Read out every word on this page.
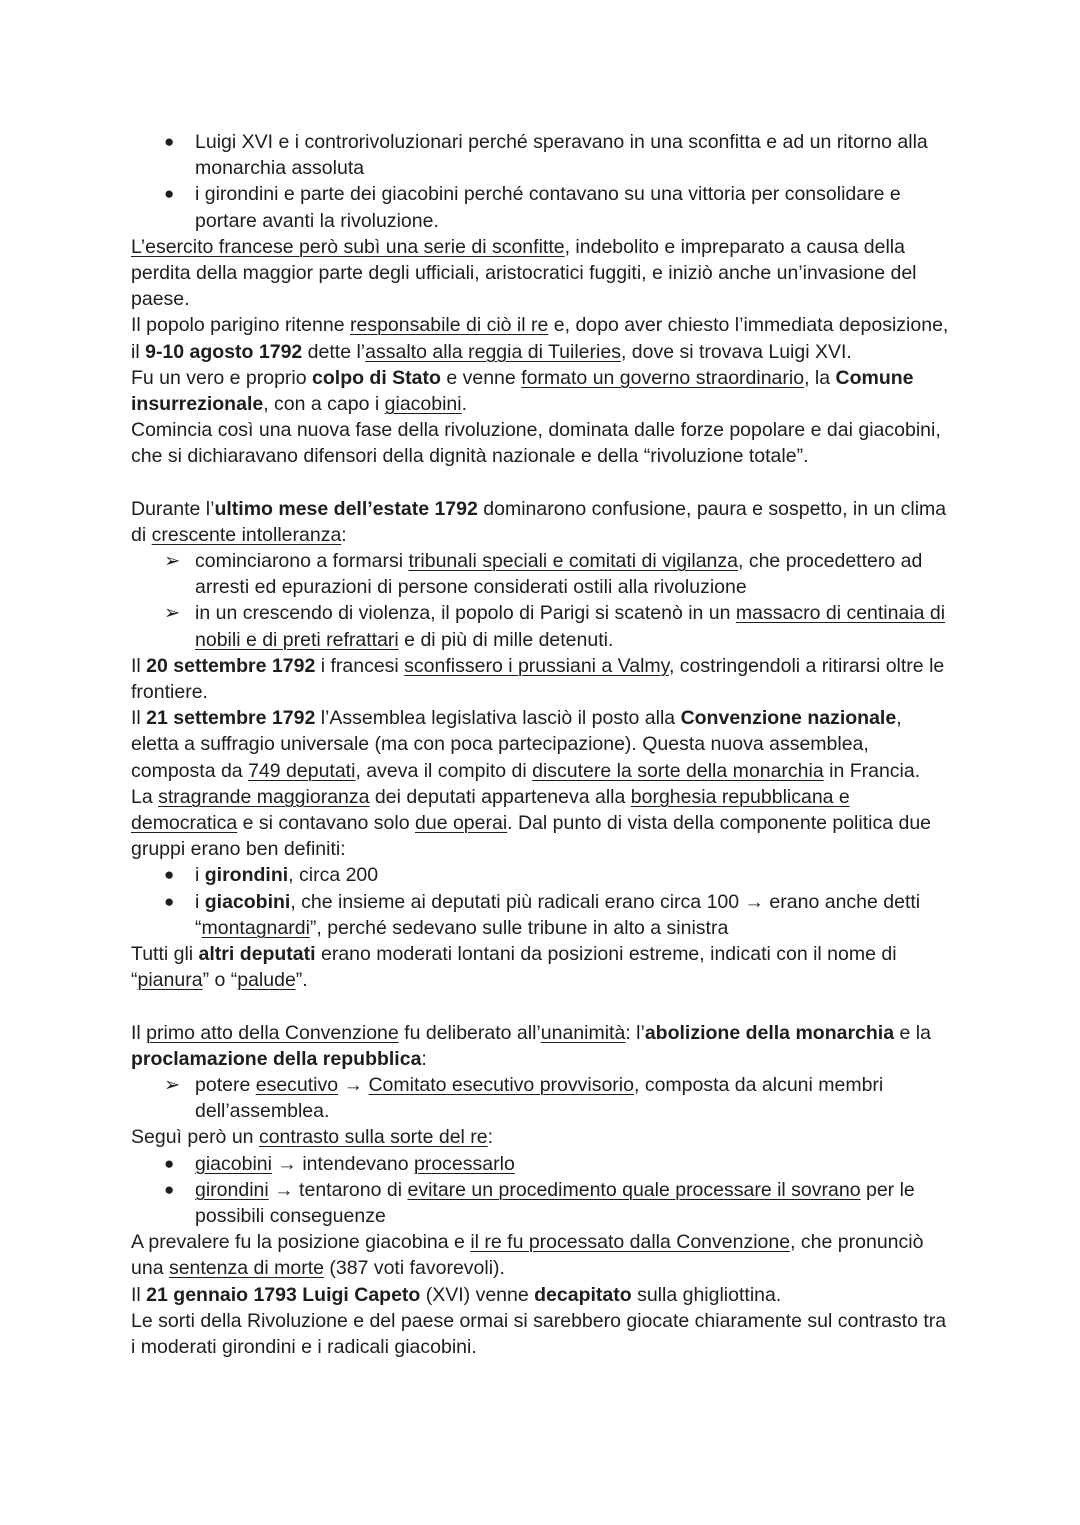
●	Luigi XVI e i controrivoluzionari perché speravano in una sconfitta e ad un ritorno alla monarchia assoluta
●	i girondini e parte dei giacobini perché contavano su una vittoria per consolidare e portare avanti la rivoluzione.

L’esercito francese però subì una serie di sconfitte, indebolito e impreparato a causa della perdita della maggior parte degli ufficiali, aristocratici fuggiti, e iniziò anche un’invasione del paese.

Il popolo parigino ritenne responsabile di ciò il re e, dopo aver chiesto l’immediata deposizione, il 9-10 agosto 1792 dette l’assalto alla reggia di Tuileries, dove si trovava Luigi XVI.

Fu un vero e proprio colpo di Stato e venne formato un governo straordinario, la Comune insurrezionale, con a capo i giacobini.

Comincia così una nuova fase della rivoluzione, dominata dalle forze popolare e dai giacobini, che si dichiaravano difensori della dignità nazionale e della “rivoluzione totale”.

Durante l’ultimo mese dell’estate 1792 dominarono confusione, paura e sospetto, in un clima di crescente intolleranza:

➢ cominciarono a formarsi tribunali speciali e comitati di vigilanza, che procedettero ad arresti ed epurazioni di persone considerati ostili alla rivoluzione
➢ in un crescendo di violenza, il popolo di Parigi si scatenò in un massacro di centinaia di nobili e di preti refrattari e di più di mille detenuti.

Il 20 settembre 1792 i francesi sconfissero i prussiani a Valmy, costringendoli a ritirarsi oltre le frontiere.

Il 21 settembre 1792 l’Assemblea legislativa lasciò il posto alla Convenzione nazionale, eletta a suffragio universale (ma con poca partecipazione). Questa nuova assemblea, composta da 749 deputati, aveva il compito di discutere la sorte della monarchia in Francia.

La stragrande maggioranza dei deputati apparteneva alla borghesia repubblicana e democratica e si contavano solo due operai. Dal punto di vista della componente politica due gruppi erano ben definiti:

●	i girondini, circa 200
●	i giacobini, che insieme ai deputati più radicali erano circa 100 → erano anche detti “montagnardi”, perché sedevano sulle tribune in alto a sinistra

Tutti gli altri deputati erano moderati lontani da posizioni estreme, indicati con il nome di “pianura” o “palude”.

Il primo atto della Convenzione fu deliberato all’unanimità: l’abolizione della monarchia e la proclamazione della repubblica:

➢ potere esecutivo → Comitato esecutivo provvisorio, composta da alcuni membri dell’assemblea.

Seguì però un contrasto sulla sorte del re:

●	giacobini → intendevano processarlo
●	girondini → tentarono di evitare un procedimento quale processare il sovrano per le possibili conseguenze

A prevalere fu la posizione giacobina e il re fu processato dalla Convenzione, che pronunciò una sentenza di morte (387 voti favorevoli).

Il 21 gennaio 1793 Luigi Capeto (XVI) venne decapitato sulla ghigliottina.

Le sorti della Rivoluzione e del paese ormai si sarebbero giocate chiaramente sul contrasto tra i moderati girondini e i radicali giacobini.
